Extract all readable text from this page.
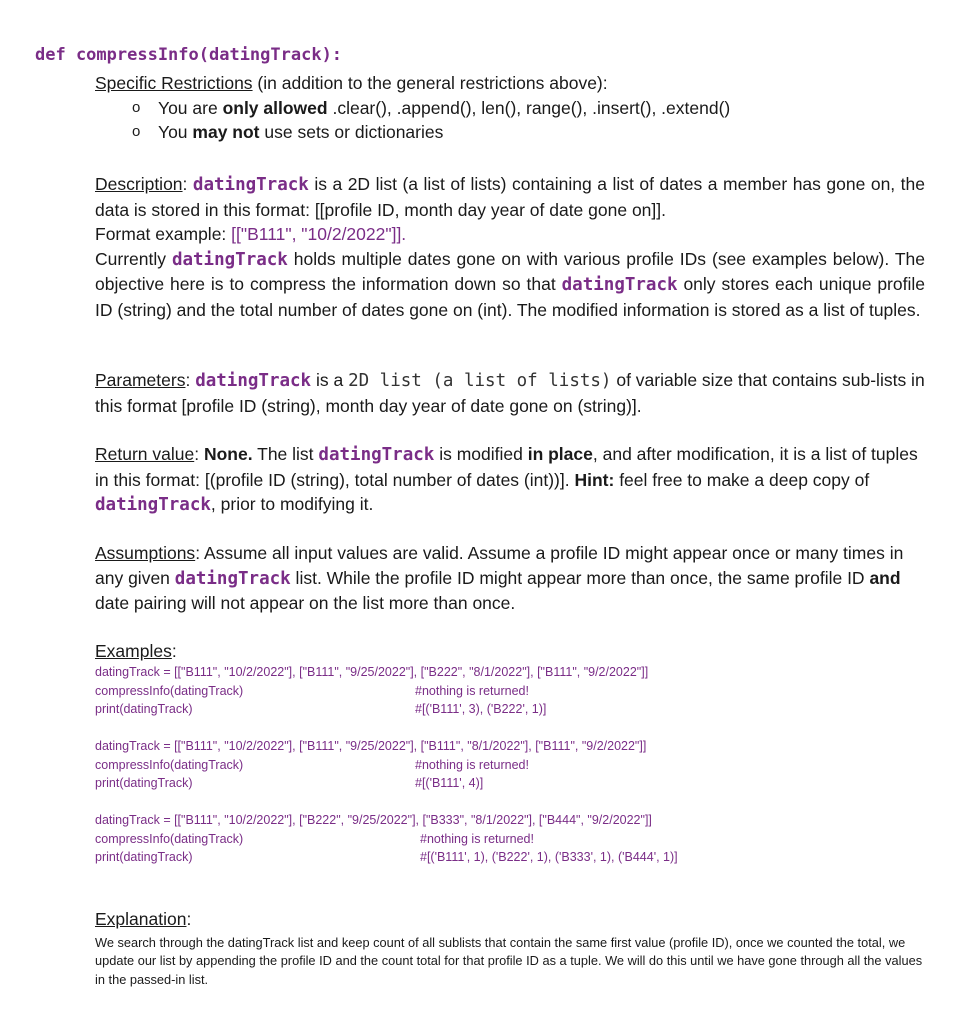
def compressInfo(datingTrack):
Specific Restrictions (in addition to the general restrictions above):
o You are only allowed .clear(), .append(), len(), range(), .insert(), .extend()
o You may not use sets or dictionaries
Description: datingTrack is a 2D list (a list of lists) containing a list of dates a member has gone on, the data is stored in this format: [[profile ID, month day year of date gone on]].
Format example: [["B111", "10/2/2022"]].
Currently datingTrack holds multiple dates gone on with various profile IDs (see examples below). The objective here is to compress the information down so that datingTrack only stores each unique profile ID (string) and the total number of dates gone on (int). The modified information is stored as a list of tuples.
Parameters: datingTrack is a 2D list (a list of lists) of variable size that contains sub-lists in this format [profile ID (string), month day year of date gone on (string)].
Return value: None. The list datingTrack is modified in place, and after modification, it is a list of tuples in this format: [(profile ID (string), total number of dates (int))]. Hint: feel free to make a deep copy of datingTrack, prior to modifying it.
Assumptions: Assume all input values are valid. Assume a profile ID might appear once or many times in any given datingTrack list. While the profile ID might appear more than once, the same profile ID and date pairing will not appear on the list more than once.
Examples:
datingTrack = [["B111", "10/2/2022"], ["B111", "9/25/2022"], ["B222", "8/1/2022"], ["B111", "9/2/2022"]]
compressInfo(datingTrack)	#nothing is returned!
print(datingTrack)	#[('B111', 3), ('B222', 1)]
datingTrack = [["B111", "10/2/2022"], ["B111", "9/25/2022"], ["B111", "8/1/2022"], ["B111", "9/2/2022"]]
compressInfo(datingTrack)	#nothing is returned!
print(datingTrack)	#[('B111', 4)]
datingTrack = [["B111", "10/2/2022"], ["B222", "9/25/2022"], ["B333", "8/1/2022"], ["B444", "9/2/2022"]]
compressInfo(datingTrack)	#nothing is returned!
print(datingTrack)	#[('B111', 1), ('B222', 1), ('B333', 1), ('B444', 1)]
Explanation:
We search through the datingTrack list and keep count of all sublists that contain the same first value (profile ID), once we counted the total, we update our list by appending the profile ID and the count total for that profile ID as a tuple. We will do this until we have gone through all the values in the passed-in list.
